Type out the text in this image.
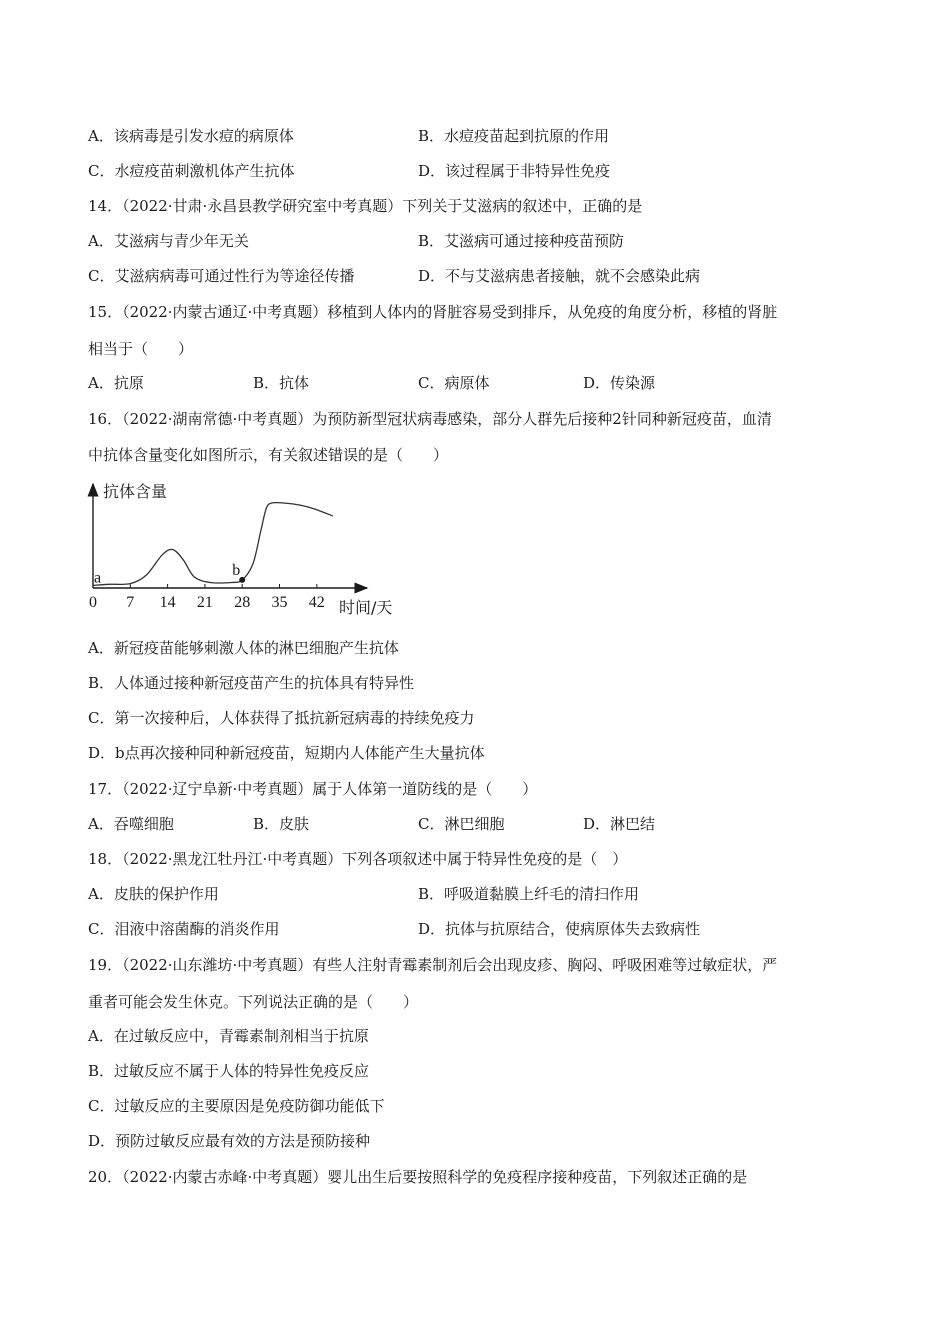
A．该病毒是引发水痘的病原体	B．水痘疫苗起到抗原的作用
C．水痘疫苗刺激机体产生抗体	D．该过程属于非特异性免疫
14．（2022·甘肃·永昌县教学研究室中考真题）下列关于艾滋病的叙述中，正确的是
A．艾滋病与青少年无关	B．艾滋病可通过接种疫苗预防
C．艾滋病病毒可通过性行为等途径传播	D．不与艾滋病患者接触，就不会感染此病
15．（2022·内蒙古通辽·中考真题）移植到人体内的肾脏容易受到排斥，从免疫的角度分析，移植的肾脏
相当于（　　）
A．抗原	B．抗体	C．病原体	D．传染源
16．（2022·湖南常德·中考真题）为预防新型冠状病毒感染，部分人群先后接种2针同种新冠疫苗，血清
中抗体含量变化如图所示，有关叙述错误的是（　　）
抗体含量
时间/天
0 7 14 21 28 35 42
a	b
A．新冠疫苗能够刺激人体的淋巴细胞产生抗体
B．人体通过接种新冠疫苗产生的抗体具有特异性
C．第一次接种后，人体获得了抵抗新冠病毒的持续免疫力
D．b点再次接种同种新冠疫苗，短期内人体能产生大量抗体
17．（2022·辽宁阜新·中考真题）属于人体第一道防线的是（　　）
A．吞噬细胞	B．皮肤	C．淋巴细胞	D．淋巴结
18．（2022·黑龙江牡丹江·中考真题）下列各项叙述中属于特异性免疫的是（　）
A．皮肤的保护作用	B．呼吸道黏膜上纤毛的清扫作用
C．泪液中溶菌酶的消炎作用	D．抗体与抗原结合，使病原体失去致病性
19．（2022·山东潍坊·中考真题）有些人注射青霉素制剂后会出现皮疹、胸闷、呼吸困难等过敏症状，严
重者可能会发生休克。下列说法正确的是（　　）
A．在过敏反应中，青霉素制剂相当于抗原
B．过敏反应不属于人体的特异性免疫反应
C．过敏反应的主要原因是免疫防御功能低下
D．预防过敏反应最有效的方法是预防接种
20．（2022·内蒙古赤峰·中考真题）婴儿出生后要按照科学的免疫程序接种疫苗，下列叙述正确的是
